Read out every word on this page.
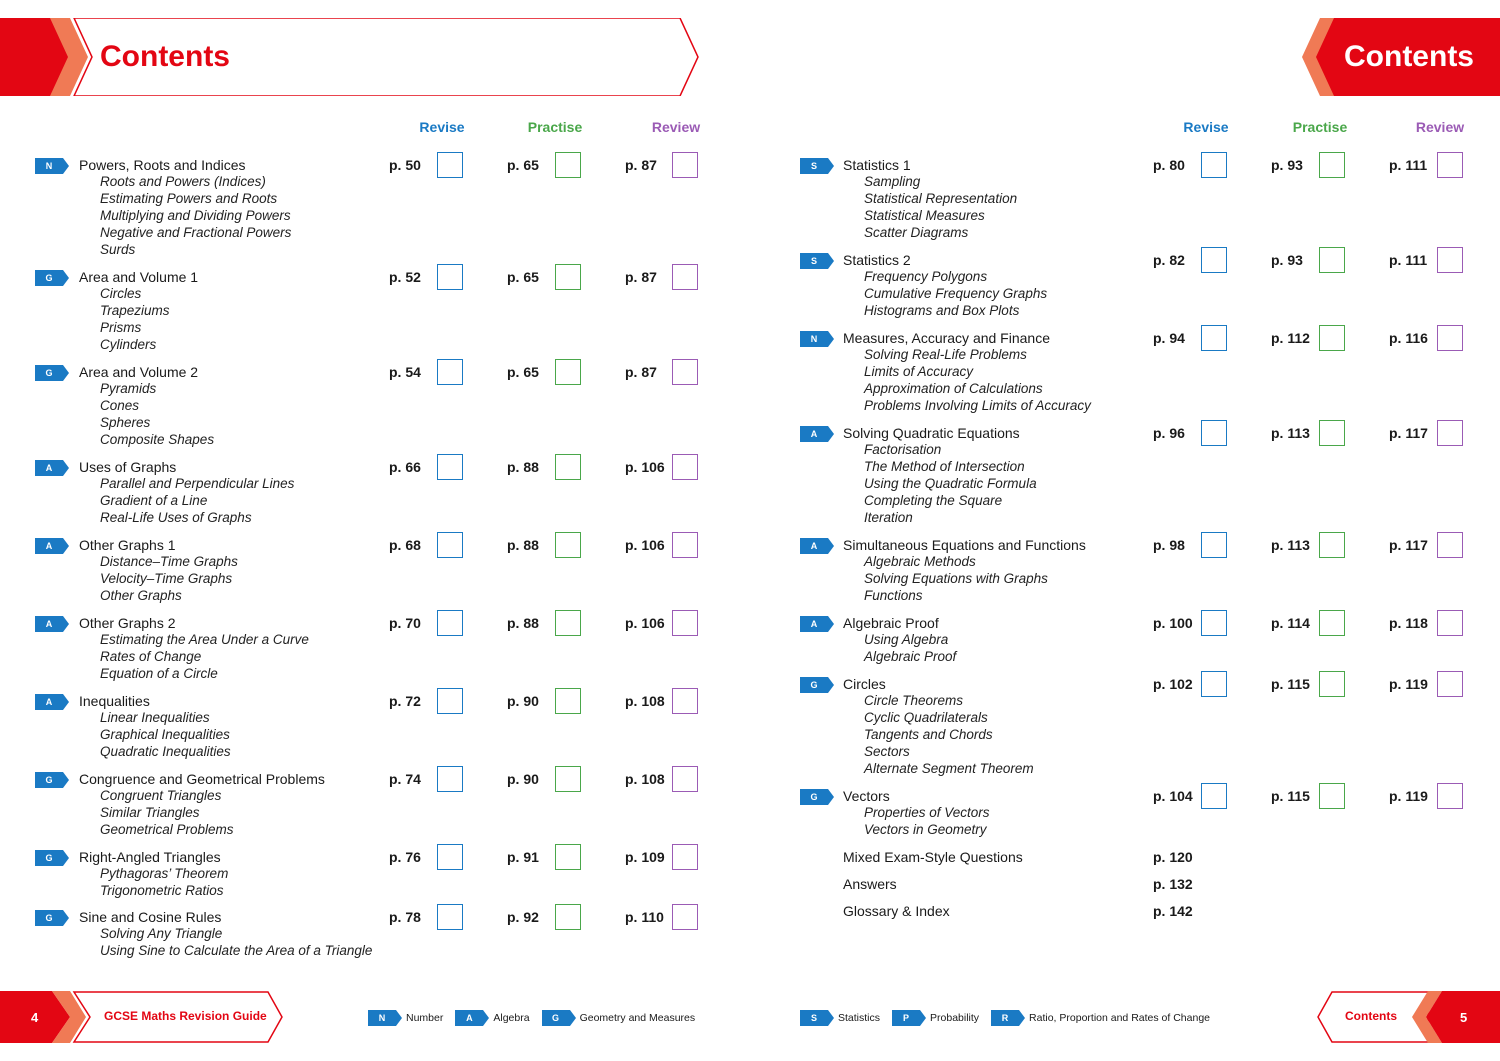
Contents	Contents
Revise	Practise	Review	Revise	Practise	Review
N	Powers, Roots and Indices
Roots and Powers (Indices)
Estimating Powers and Roots
Multiplying and Dividing Powers
Negative and Fractional Powers
Surds
p. 50	p. 65	p. 87
G	Area and Volume 1
Circles
Trapeziums
Prisms
Cylinders
p. 52	p. 65	p. 87
G	Area and Volume 2
Pyramids
Cones
Spheres
Composite Shapes
p. 54	p. 65	p. 87
A	Uses of Graphs
Parallel and Perpendicular Lines
Gradient of a Line
Real-Life Uses of Graphs
p. 66	p. 88	p. 106
A	Other Graphs 1
Distance–Time Graphs
Velocity–Time Graphs
Other Graphs
p. 68	p. 88	p. 106
A	Other Graphs 2
Estimating the Area Under a Curve
Rates of Change
Equation of a Circle
p. 70	p. 88	p. 106
A	Inequalities
Linear Inequalities
Graphical Inequalities
Quadratic Inequalities
p. 72	p. 90	p. 108
G	Congruence and Geometrical Problems
Congruent Triangles
Similar Triangles
Geometrical Problems
p. 74	p. 90	p. 108
G	Right-Angled Triangles
Pythagoras’ Theorem
Trigonometric Ratios
p. 76	p. 91	p. 109
G	Sine and Cosine Rules
Solving Any Triangle
Using Sine to Calculate the Area of a Triangle
p. 78	p. 92	p. 110
S	Statistics 1
Sampling
Statistical Representation
Statistical Measures
Scatter Diagrams
p. 80	p. 93	p. 111
S	Statistics 2
Frequency Polygons
Cumulative Frequency Graphs
Histograms and Box Plots
p. 82	p. 93	p. 111
N	Measures, Accuracy and Finance
Solving Real-Life Problems
Limits of Accuracy
Approximation of Calculations
Problems Involving Limits of Accuracy
p. 94	p. 112	p. 116
A	Solving Quadratic Equations
Factorisation
The Method of Intersection
Using the Quadratic Formula
Completing the Square
Iteration
p. 96	p. 113	p. 117
A	Simultaneous Equations and Functions
Algebraic Methods
Solving Equations with Graphs
Functions
p. 98	p. 113	p. 117
A	Algebraic Proof
Using Algebra
Algebraic Proof
p. 100	p. 114	p. 118
G	Circles
Circle Theorems
Cyclic Quadrilaterals
Tangents and Chords
Sectors
Alternate Segment Theorem
p. 102	p. 115	p. 119
G	Vectors
Properties of Vectors
Vectors in Geometry
p. 104	p. 115	p. 119
Mixed Exam-Style Questions	p. 120
Answers	p. 132
Glossary & Index	p. 142
4	GCSE Maths Revision Guide	Contents	5
N	Number	A	Algebra	G	Geometry and Measures	S	Statistics	P	Probability	R	Ratio, Proportion and Rates of Change
